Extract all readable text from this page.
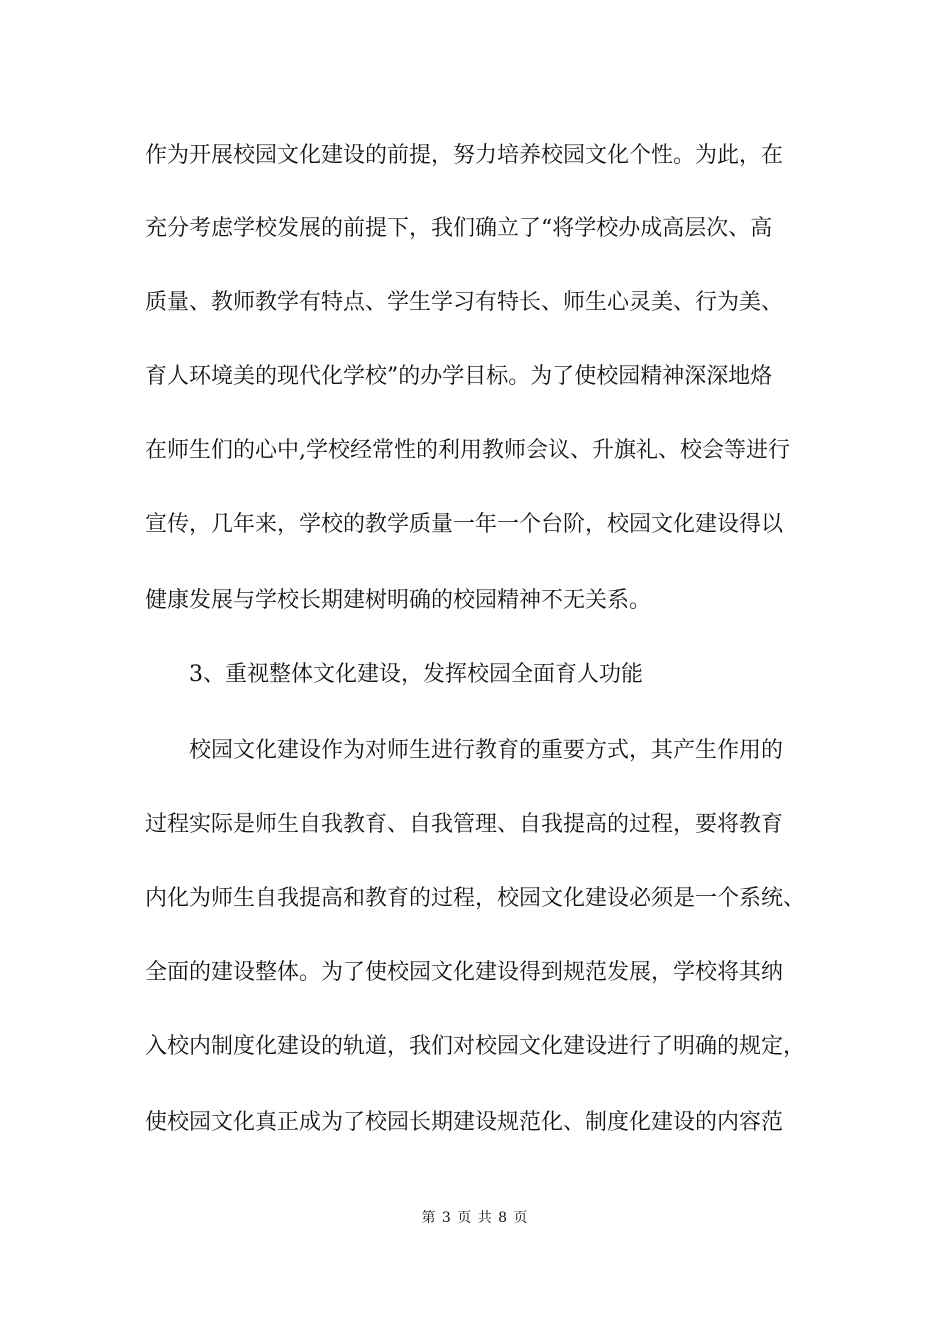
作为开展校园文化建设的前提，努力培养校园文化个性。为此，在
充分考虑学校发展的前提下，我们确立了“将学校办成高层次、高
质量、教师教学有特点、学生学习有特长、师生心灵美、行为美、
育人环境美的现代化学校”的办学目标。为了使校园精神深深地烙
在师生们的心中,学校经常性的利用教师会议、升旗礼、校会等进行
宣传，几年来，学校的教学质量一年一个台阶，校园文化建设得以
健康发展与学校长期建树明确的校园精神不无关系。
3、重视整体文化建设，发挥校园全面育人功能
校园文化建设作为对师生进行教育的重要方式，其产生作用的
过程实际是师生自我教育、自我管理、自我提高的过程，要将教育
内化为师生自我提高和教育的过程，校园文化建设必须是一个系统、
全面的建设整体。为了使校园文化建设得到规范发展，学校将其纳
入校内制度化建设的轨道，我们对校园文化建设进行了明确的规定，
使校园文化真正成为了校园长期建设规范化、制度化建设的内容范
第 3 页 共 8 页
